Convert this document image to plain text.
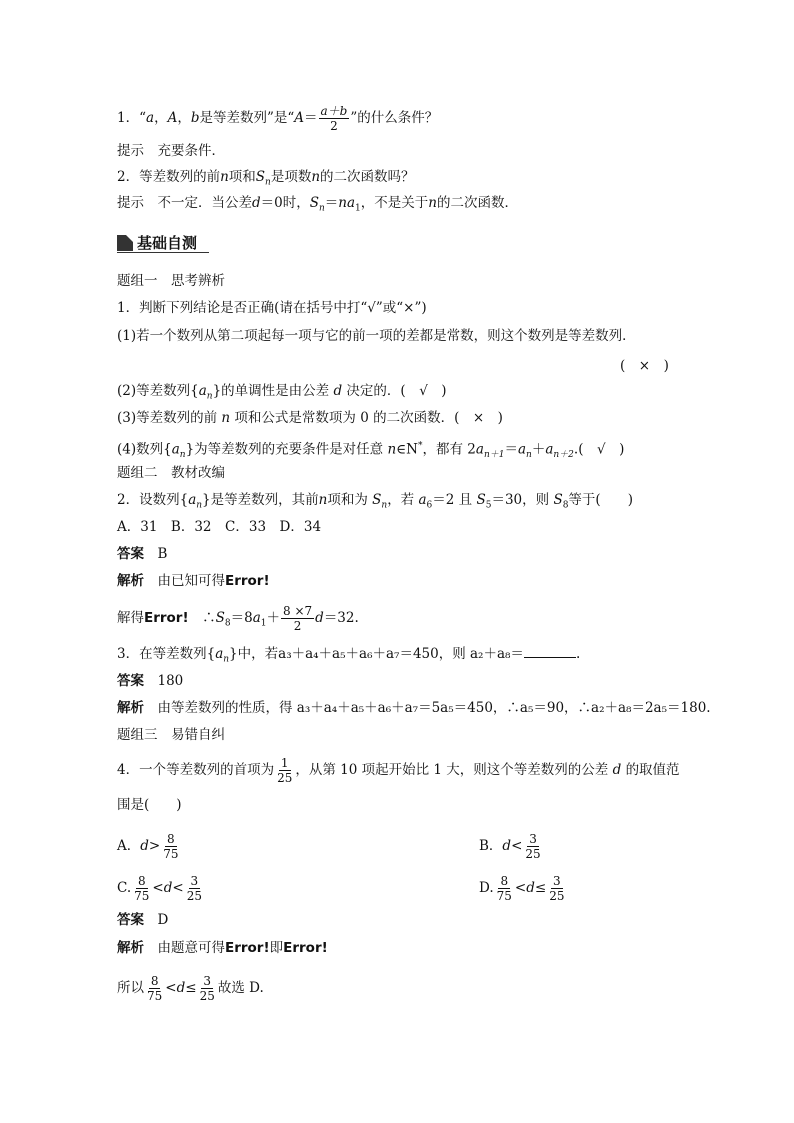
1．“a，A，b是等差数列”是“$A= \frac{a+b}{2}$ ”的什么条件？
提示　 充要条件．
2．等差数列的前n项和$S_n$是项数n的二次函数吗？
提示　 不一定．当公差d＝0时，$S_n=na_1$，不是关于n的二次函数．
基础自测
题组一　思考辨析
1．判断下列结论是否正确(请在括号中打“√”或“×”)
(1)若一个数列从第二项起每一项与它的前一项的差都是常数，则这个数列是等差数列．
(　×　)
(2)等差数列$\{a_n\}$的单调性是由公差 d 决定的．(　√　)
(3)等差数列的前 n 项和公式是常数项为 0 的二次函数．(　×　)
(4)数列$\{a_n\}$为等差数列的充要条件是对任意 n∈N*，都有 $2a_{n+1}=a_n+a_{n+2}$.(　√　)
题组二　教材改编
2．设数列$\{a_n\}$是等差数列，其前n项和为 $S_n$，若 $a_6=2$ 且 $S_5=30$，则 $S_8$等于(　　)
A．31　B．32　C．33　D．34
答案　 B
解析　 由已知可得Error!
解得Error!　 $\therefore S_8=8a_1+ \frac{8 \times 7}{2} d=32$.
3．在等差数列$\{a_n\}$中，若a₃＋a₄＋a₅＋a₆＋a₇＝450，则 a₂＋a₈＝	.
答案　 180
解析　 由等差数列的性质，得 a₃＋a₄＋a₅＋a₆＋a₇＝5a₅＝450，∴a₅＝90，∴a₂＋a₈＝2a₅＝180.
题组三　易错自纠
4．一个等差数列的首项为 $\frac{1}{25}$ ，从第 10 项起开始比 1 大，则这个等差数列的公差 d 的取值范
围是(　　)
A．$d> \frac{8}{75}$	B．$d< \frac{3}{25}$
C. $\frac{8}{75} <d< \frac{3}{25}$	D. $\frac{8}{75} <d\le \frac{3}{25}$
答案　 D
解析　 由题意可得Error!即Error!
所以 $\frac{8}{75} <d\le \frac{3}{25}$ 故选 D.
